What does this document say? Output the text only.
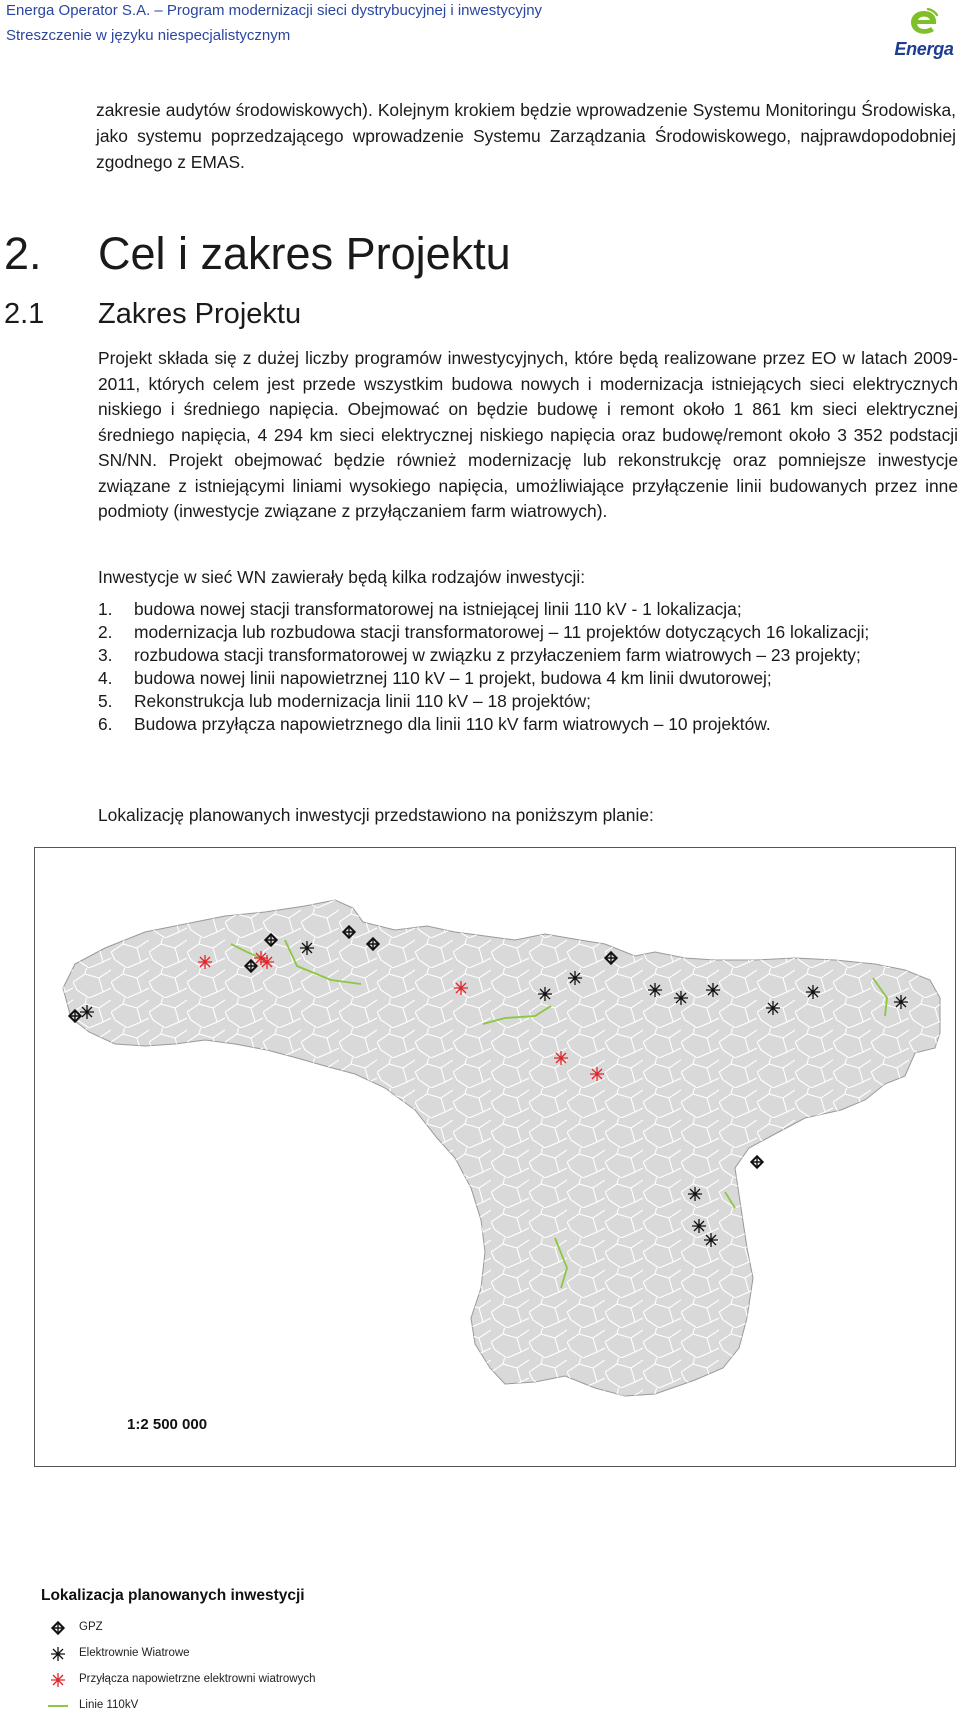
Energa Operator S.A. – Program modernizacji sieci dystrybucyjnej i inwestycyjny
Streszczenie w języku niespecjalistycznym
Energa
zakresie audytów środowiskowych). Kolejnym krokiem będzie wprowadzenie Systemu Monitoringu Środowiska, jako systemu poprzedzającego wprowadzenie Systemu Zarządzania Środowiskowego, najprawdopodobniej zgodnego z EMAS.
2. Cel i zakres Projektu
2.1 Zakres Projektu
Projekt składa się z dużej liczby programów inwestycyjnych, które będą realizowane przez EO w latach 2009-2011, których celem jest przede wszystkim budowa nowych i modernizacja istniejących sieci elektrycznych niskiego i średniego napięcia. Obejmować on będzie budowę i remont około 1 861 km sieci elektrycznej średniego napięcia, 4 294 km sieci elektrycznej niskiego napięcia oraz budowę/remont około 3 352 podstacji SN/NN. Projekt obejmować będzie również modernizację lub rekonstrukcję oraz pomniejsze inwestycje związane z istniejącymi liniami wysokiego napięcia, umożliwiające przyłączenie linii budowanych przez inne podmioty (inwestycje związane z przyłączaniem farm wiatrowych).
Inwestycje w sieć WN zawierały będą kilka rodzajów inwestycji:
1. budowa nowej stacji transformatorowej na istniejącej linii 110 kV - 1 lokalizacja;
2. modernizacja lub rozbudowa stacji transformatorowej – 11 projektów dotyczących 16 lokalizacji;
3. rozbudowa stacji transformatorowej w związku z przyłaczeniem farm wiatrowych – 23 projekty;
4. budowa nowej linii napowietrznej 110 kV – 1 projekt, budowa 4 km linii dwutorowej;
5. Rekonstrukcja lub modernizacja linii 110 kV – 18 projektów;
6. Budowa przyłącza napowietrznego dla linii 110 kV farm wiatrowych – 10 projektów.
Lokalizację planowanych inwestycji przedstawiono na poniższym planie:
Lokalizacja planowanych inwestycji
GPZ
Elektrownie Wiatrowe
Przyłącza napowietrzne elektrowni wiatrowych
Linie 110kV
1:2 500 000
